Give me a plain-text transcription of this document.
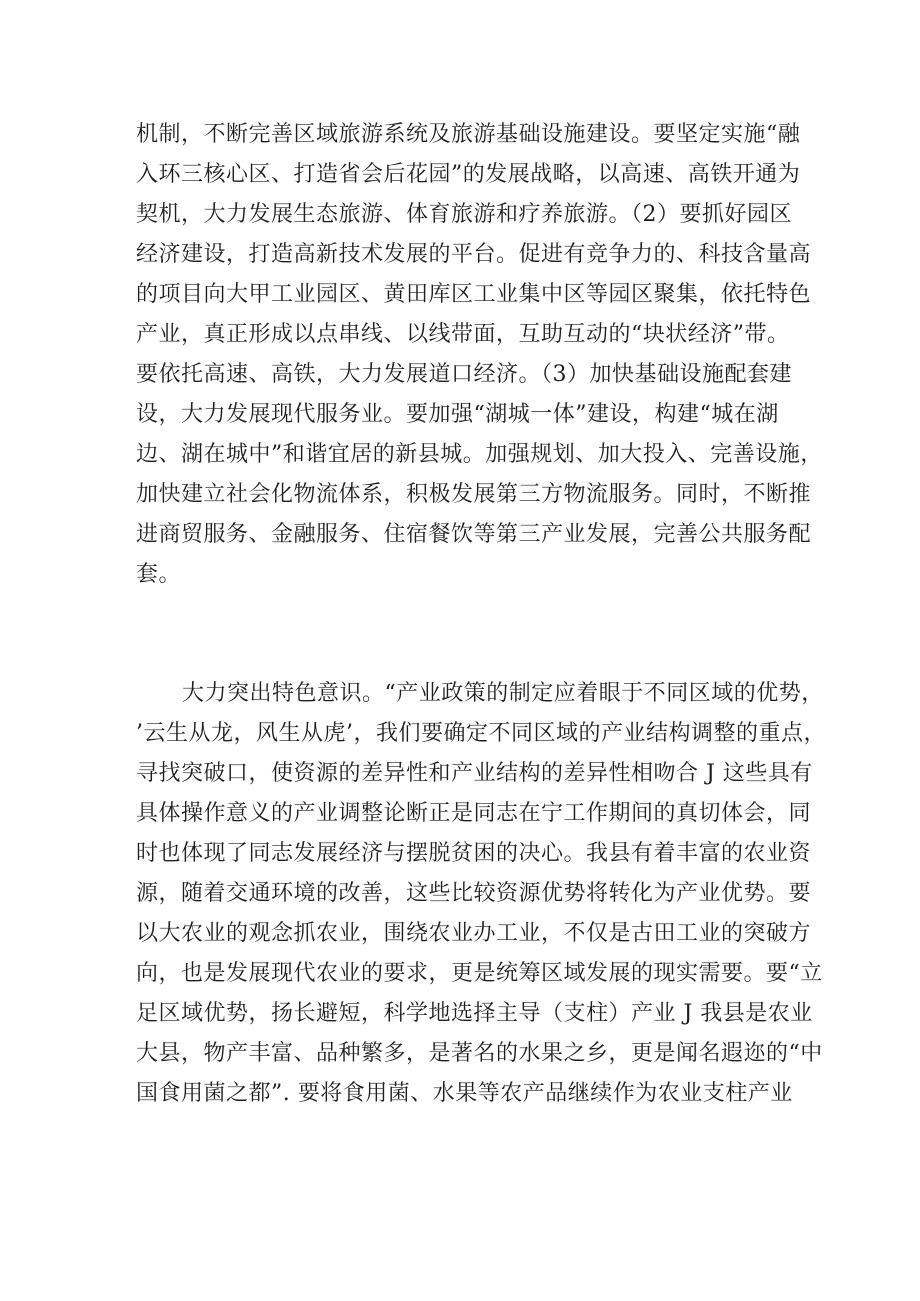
机制，不断完善区域旅游系统及旅游基础设施建设。要坚定实施“融
入环三核心区、打造省会后花园”的发展战略，以高速、高铁开通为
契机，大力发展生态旅游、体育旅游和疗养旅游。（2）要抓好园区
经济建设，打造高新技术发展的平台。促进有竞争力的、科技含量高
的项目向大甲工业园区、黄田库区工业集中区等园区聚集，依托特色
产业，真正形成以点串线、以线带面，互助互动的“块状经济”带。
要依托高速、高铁，大力发展道口经济。（3）加快基础设施配套建
设，大力发展现代服务业。要加强“湖城一体”建设，构建“城在湖
边、湖在城中”和谐宜居的新县城。加强规划、加大投入、完善设施，
加快建立社会化物流体系，积极发展第三方物流服务。同时，不断推
进商贸服务、金融服务、住宿餐饮等第三产业发展，完善公共服务配
套。
大力突出特色意识。“产业政策的制定应着眼于不同区域的优势，
’云生从龙，风生从虎’，我们要确定不同区域的产业结构调整的重点，
寻找突破口，使资源的差异性和产业结构的差异性相吻合 J 这些具有
具体操作意义的产业调整论断正是同志在宁工作期间的真切体会，同
时也体现了同志发展经济与摆脱贫困的决心。我县有着丰富的农业资
源，随着交通环境的改善，这些比较资源优势将转化为产业优势。要
以大农业的观念抓农业，围绕农业办工业，不仅是古田工业的突破方
向，也是发展现代农业的要求，更是统筹区域发展的现实需要。要“立
足区域优势，扬长避短，科学地选择主导（支柱）产业 J 我县是农业
大县，物产丰富、品种繁多，是著名的水果之乡，更是闻名遐迩的“中
国食用菌之都”. 要将食用菌、水果等农产品继续作为农业支柱产业
